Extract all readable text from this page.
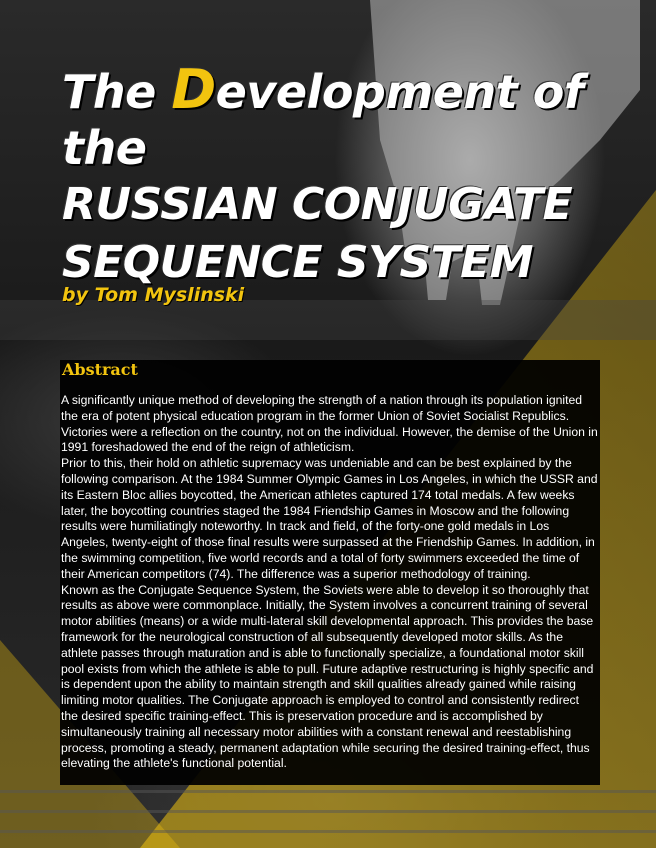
The Development of the
RUSSIAN CONJUGATE
SEQUENCE SYSTEM

by Tom Myslinski

Abstract

A significantly unique method of developing the strength of a nation through its population ignited the era of potent physical education program in the former Union of Soviet Socialist Republics. Victories were a reflection on the country, not on the individual. However, the demise of the Union in 1991 foreshadowed the end of the reign of athleticism.

Prior to this, their hold on athletic supremacy was undeniable and can be best explained by the following comparison. At the 1984 Summer Olympic Games in Los Angeles, in which the USSR and its Eastern Bloc allies boycotted, the American athletes captured 174 total medals. A few weeks later, the boycotting countries staged the 1984 Friendship Games in Moscow and the following results were humiliatingly noteworthy. In track and field, of the forty-one gold medals in Los Angeles, twenty-eight of those final results were surpassed at the Friendship Games. In addition, in the swimming competition, five world records and a total of forty swimmers exceeded the time of their American competitors (74). The difference was a superior methodology of training.

Known as the Conjugate Sequence System, the Soviets were able to develop it so thoroughly that results as above were commonplace. Initially, the System involves a concurrent training of several motor abilities (means) or a wide multi-lateral skill developmental approach. This provides the base framework for the neurological construction of all subsequently developed motor skills. As the athlete passes through maturation and is able to functionally specialize, a foundational motor skill pool exists from which the athlete is able to pull. Future adaptive restructuring is highly specific and is dependent upon the ability to maintain strength and skill qualities already gained while raising limiting motor qualities. The Conjugate approach is employed to control and consistently redirect the desired specific training-effect. This is preservation procedure and is accomplished by simultaneously training all necessary motor abilities with a constant renewal and reestablishing process, promoting a steady, permanent adaptation while securing the desired training-effect, thus elevating the athlete's functional potential.
